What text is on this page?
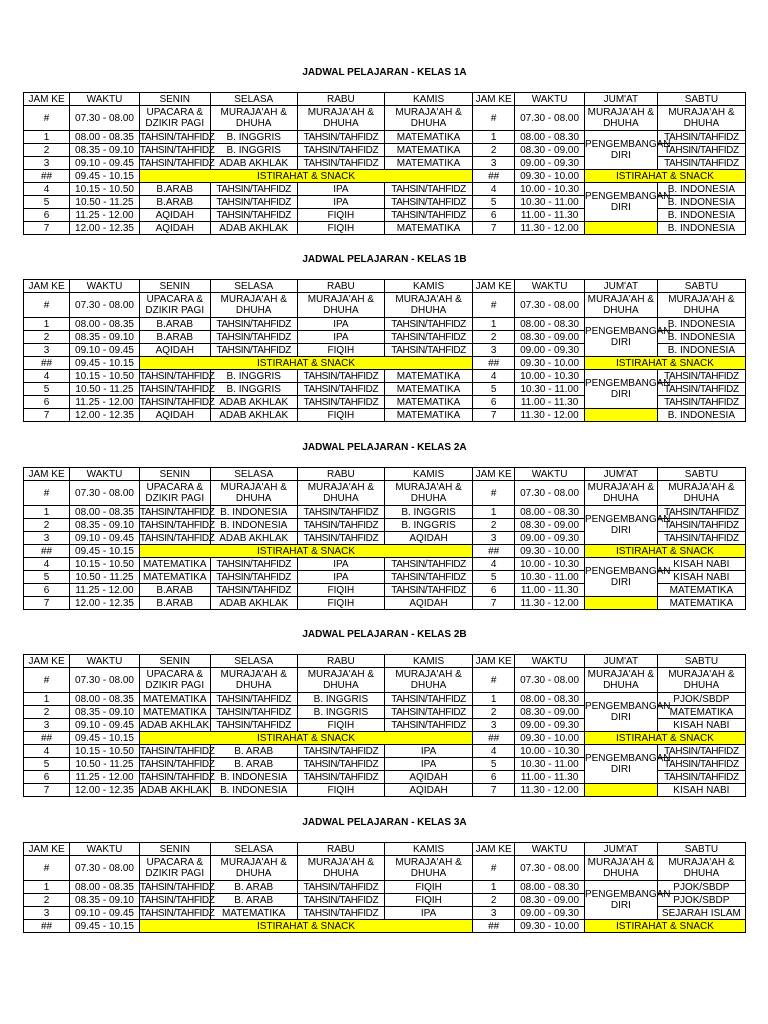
JADWAL PELAJARAN - KELAS 1A
JAM KE	WAKTU	SENIN	SELASA	RABU	KAMIS	JAM KE	WAKTU	JUM'AT	SABTU
#	07.30 - 08.00	UPACARA & DZIKIR PAGI	MURAJA'AH & DHUHA	MURAJA'AH & DHUHA	MURAJA'AH & DHUHA	#	07.30 - 08.00	MURAJA'AH & DHUHA	MURAJA'AH & DHUHA
1	08.00 - 08.35	TAHSIN/TAHFIDZ	B. INGGRIS	TAHSIN/TAHFIDZ	MATEMATIKA	1	08.00 - 08.30	PENGEMBANGAN DIRI	TAHSIN/TAHFIDZ
2	08.35 - 09.10	TAHSIN/TAHFIDZ	B. INGGRIS	TAHSIN/TAHFIDZ	MATEMATIKA	2	08.30 - 09.00		TAHSIN/TAHFIDZ
3	09.10 - 09.45	TAHSIN/TAHFIDZ	ADAB AKHLAK	TAHSIN/TAHFIDZ	MATEMATIKA	3	09.00 - 09.30		TAHSIN/TAHFIDZ
##	09.45 - 10.15	ISTIRAHAT & SNACK				##	09.30 - 10.00	ISTIRAHAT & SNACK	
4	10.15 - 10.50	B.ARAB	TAHSIN/TAHFIDZ	IPA	TAHSIN/TAHFIDZ	4	10.00 - 10.30	PENGEMBANGAN DIRI	B. INDONESIA
5	10.50 - 11.25	B.ARAB	TAHSIN/TAHFIDZ	IPA	TAHSIN/TAHFIDZ	5	10.30 - 11.00		B. INDONESIA
6	11.25 - 12.00	AQIDAH	TAHSIN/TAHFIDZ	FIQIH	TAHSIN/TAHFIDZ	6	11.00 - 11.30		B. INDONESIA
7	12.00 - 12.35	AQIDAH	ADAB AKHLAK	FIQIH	MATEMATIKA	7	11.30 - 12.00		B. INDONESIA
JADWAL PELAJARAN - KELAS 1B
JAM KE	WAKTU	SENIN	SELASA	RABU	KAMIS	JAM KE	WAKTU	JUM'AT	SABTU
#	07.30 - 08.00	UPACARA & DZIKIR PAGI	MURAJA'AH & DHUHA	MURAJA'AH & DHUHA	MURAJA'AH & DHUHA	#	07.30 - 08.00	MURAJA'AH & DHUHA	MURAJA'AH & DHUHA
1	08.00 - 08.35	B.ARAB	TAHSIN/TAHFIDZ	IPA	TAHSIN/TAHFIDZ	1	08.00 - 08.30	PENGEMBANGAN DIRI	B. INDONESIA
2	08.35 - 09.10	B.ARAB	TAHSIN/TAHFIDZ	IPA	TAHSIN/TAHFIDZ	2	08.30 - 09.00		B. INDONESIA
3	09.10 - 09.45	AQIDAH	TAHSIN/TAHFIDZ	FIQIH	TAHSIN/TAHFIDZ	3	09.00 - 09.30		B. INDONESIA
##	09.45 - 10.15	ISTIRAHAT & SNACK				##	09.30 - 10.00	ISTIRAHAT & SNACK	
4	10.15 - 10.50	TAHSIN/TAHFIDZ	B. INGGRIS	TAHSIN/TAHFIDZ	MATEMATIKA	4	10.00 - 10.30	PENGEMBANGAN DIRI	TAHSIN/TAHFIDZ
5	10.50 - 11.25	TAHSIN/TAHFIDZ	B. INGGRIS	TAHSIN/TAHFIDZ	MATEMATIKA	5	10.30 - 11.00		TAHSIN/TAHFIDZ
6	11.25 - 12.00	TAHSIN/TAHFIDZ	ADAB AKHLAK	TAHSIN/TAHFIDZ	MATEMATIKA	6	11.00 - 11.30		TAHSIN/TAHFIDZ
7	12.00 - 12.35	AQIDAH	ADAB AKHLAK	FIQIH	MATEMATIKA	7	11.30 - 12.00		B. INDONESIA
JADWAL PELAJARAN - KELAS 2A
JAM KE	WAKTU	SENIN	SELASA	RABU	KAMIS	JAM KE	WAKTU	JUM'AT	SABTU
#	07.30 - 08.00	UPACARA & DZIKIR PAGI	MURAJA'AH & DHUHA	MURAJA'AH & DHUHA	MURAJA'AH & DHUHA	#	07.30 - 08.00	MURAJA'AH & DHUHA	MURAJA'AH & DHUHA
1	08.00 - 08.35	TAHSIN/TAHFIDZ	B. INDONESIA	TAHSIN/TAHFIDZ	B. INGGRIS	1	08.00 - 08.30	PENGEMBANGAN DIRI	TAHSIN/TAHFIDZ
2	08.35 - 09.10	TAHSIN/TAHFIDZ	B. INDONESIA	TAHSIN/TAHFIDZ	B. INGGRIS	2	08.30 - 09.00		TAHSIN/TAHFIDZ
3	09.10 - 09.45	TAHSIN/TAHFIDZ	ADAB AKHLAK	TAHSIN/TAHFIDZ	AQIDAH	3	09.00 - 09.30		TAHSIN/TAHFIDZ
##	09.45 - 10.15	ISTIRAHAT & SNACK				##	09.30 - 10.00	ISTIRAHAT & SNACK	
4	10.15 - 10.50	MATEMATIKA	TAHSIN/TAHFIDZ	IPA	TAHSIN/TAHFIDZ	4	10.00 - 10.30	PENGEMBANGAN DIRI	KISAH NABI
5	10.50 - 11.25	MATEMATIKA	TAHSIN/TAHFIDZ	IPA	TAHSIN/TAHFIDZ	5	10.30 - 11.00		KISAH NABI
6	11.25 - 12.00	B.ARAB	TAHSIN/TAHFIDZ	FIQIH	TAHSIN/TAHFIDZ	6	11.00 - 11.30		MATEMATIKA
7	12.00 - 12.35	B.ARAB	ADAB AKHLAK	FIQIH	AQIDAH	7	11.30 - 12.00		MATEMATIKA
JADWAL PELAJARAN - KELAS 2B
JAM KE	WAKTU	SENIN	SELASA	RABU	KAMIS	JAM KE	WAKTU	JUM'AT	SABTU
#	07.30 - 08.00	UPACARA & DZIKIR PAGI	MURAJA'AH & DHUHA	MURAJA'AH & DHUHA	MURAJA'AH & DHUHA	#	07.30 - 08.00	MURAJA'AH & DHUHA	MURAJA'AH & DHUHA
1	08.00 - 08.35	MATEMATIKA	TAHSIN/TAHFIDZ	B. INGGRIS	TAHSIN/TAHFIDZ	1	08.00 - 08.30	PENGEMBANGAN DIRI	PJOK/SBDP
2	08.35 - 09.10	MATEMATIKA	TAHSIN/TAHFIDZ	B. INGGRIS	TAHSIN/TAHFIDZ	2	08.30 - 09.00		MATEMATIKA
3	09.10 - 09.45	ADAB AKHLAK	TAHSIN/TAHFIDZ	FIQIH	TAHSIN/TAHFIDZ	3	09.00 - 09.30		KISAH NABI
##	09.45 - 10.15	ISTIRAHAT & SNACK				##	09.30 - 10.00	ISTIRAHAT & SNACK	
4	10.15 - 10.50	TAHSIN/TAHFIDZ	B. ARAB	TAHSIN/TAHFIDZ	IPA	4	10.00 - 10.30	PENGEMBANGAN DIRI	TAHSIN/TAHFIDZ
5	10.50 - 11.25	TAHSIN/TAHFIDZ	B. ARAB	TAHSIN/TAHFIDZ	IPA	5	10.30 - 11.00		TAHSIN/TAHFIDZ
6	11.25 - 12.00	TAHSIN/TAHFIDZ	B. INDONESIA	TAHSIN/TAHFIDZ	AQIDAH	6	11.00 - 11.30		TAHSIN/TAHFIDZ
7	12.00 - 12.35	ADAB AKHLAK	B. INDONESIA	FIQIH	AQIDAH	7	11.30 - 12.00		KISAH NABI
JADWAL PELAJARAN - KELAS 3A
JAM KE	WAKTU	SENIN	SELASA	RABU	KAMIS	JAM KE	WAKTU	JUM'AT	SABTU
#	07.30 - 08.00	UPACARA & DZIKIR PAGI	MURAJA'AH & DHUHA	MURAJA'AH & DHUHA	MURAJA'AH & DHUHA	#	07.30 - 08.00	MURAJA'AH & DHUHA	MURAJA'AH & DHUHA
1	08.00 - 08.35	TAHSIN/TAHFIDZ	B. ARAB	TAHSIN/TAHFIDZ	FIQIH	1	08.00 - 08.30	PENGEMBANGAN DIRI	PJOK/SBDP
2	08.35 - 09.10	TAHSIN/TAHFIDZ	B. ARAB	TAHSIN/TAHFIDZ	FIQIH	2	08.30 - 09.00		PJOK/SBDP
3	09.10 - 09.45	TAHSIN/TAHFIDZ	MATEMATIKA	TAHSIN/TAHFIDZ	IPA	3	09.00 - 09.30		SEJARAH ISLAM
##	09.45 - 10.15	ISTIRAHAT & SNACK				##	09.30 - 10.00	ISTIRAHAT & SNACK	
